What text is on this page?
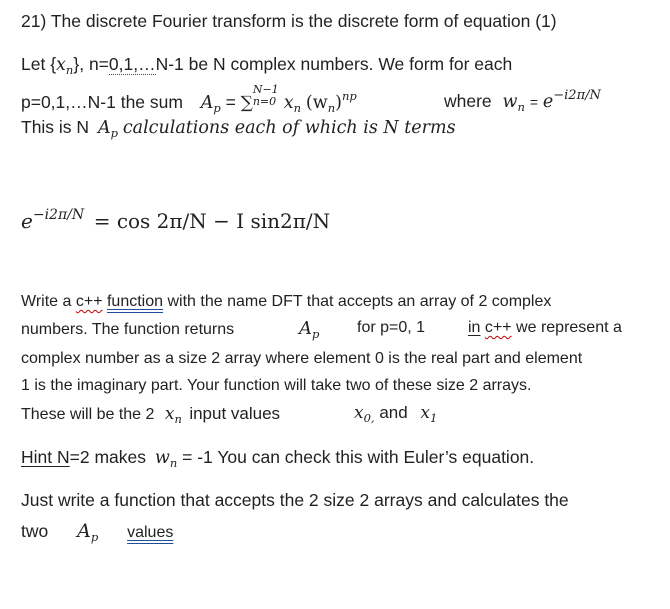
21) The discrete Fourier transform is the discrete form of equation (1)
Let $\{x_n\}$, n=0,1,…N-1 be N complex numbers. We form for each
p=0,1,…N-1 the sum $A_p$ = ∑
N−1
n=0 $x_n$ $(w_n)^{np}$	where $w_n = e^{-i2\pi/N}$
This is N $A_p$ calculations each of which is N terms
$e^{-i2\pi/N} = \cos 2\pi/N - I$ sin2π/N
Write a c++ function with the name DFT that accepts an array of 2 complex
numbers. The function returns	$A_p$ for p=0, 1	in c++ we represent a
complex number as a size 2 array where element 0 is the real part and element
1 is the imaginary part. Your function will take two of these size 2 arrays.
These will be the 2 $x_n$ input values	$x_{0,}$ and $x_1$
Hint N=2 makes $w_n = -1$ You can check this with Euler’s equation.
Just write a function that accepts the 2 size 2 arrays and calculates the
two $A_p$ values
